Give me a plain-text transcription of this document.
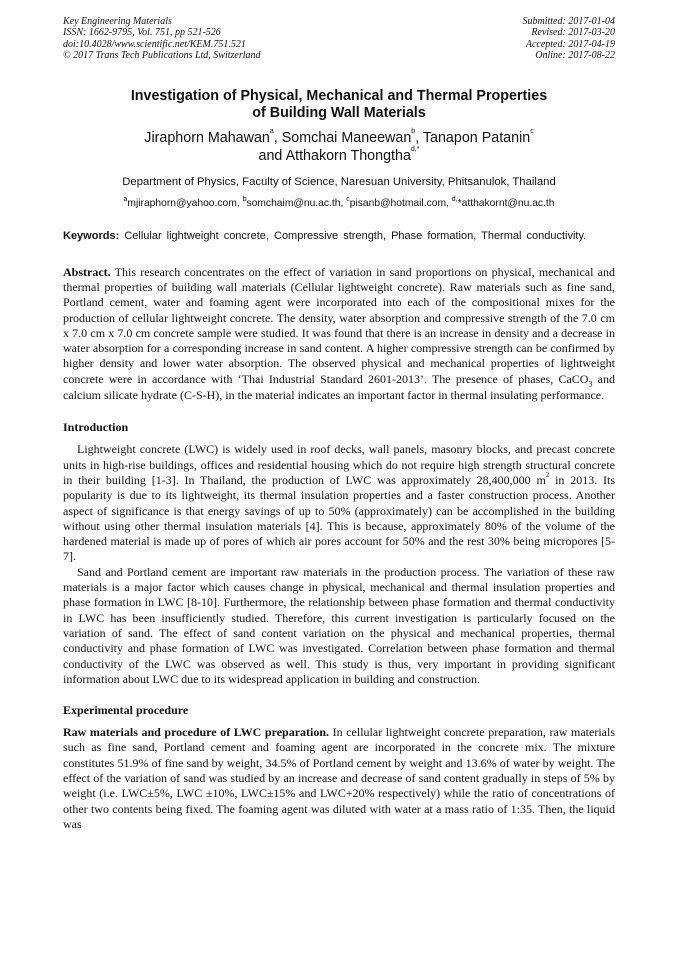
Key Engineering Materials
ISSN: 1662-9795, Vol. 751, pp 521-526
doi:10.4028/www.scientific.net/KEM.751.521
© 2017 Trans Tech Publications Ltd, Switzerland
Submitted: 2017-01-04
Revised: 2017-03-20
Accepted: 2017-04-19
Online: 2017-08-22
Investigation of Physical, Mechanical and Thermal Properties
of Building Wall Materials
Jiraphorn Mahawan$^a$, Somchai Maneewan$^b$, Tanapon Patanin$^c$
and Atthakorn Thongtha$^{d,*}$
Department of Physics, Faculty of Science, Naresuan University, Phitsanulok, Thailand
$^a$mjiraphorn@yahoo.com, $^b$somchaim@nu.ac.th, $^c$pisanb@hotmail.com, $^{d,}$*atthakornt@nu.ac.th
Keywords: Cellular lightweight concrete, Compressive strength, Phase formation, Thermal conductivity.

Abstract. This research concentrates on the effect of variation in sand proportions on physical, mechanical and thermal properties of building wall materials (Cellular lightweight concrete). Raw materials such as fine sand, Portland cement, water and foaming agent were incorporated into each of the compositional mixes for the production of cellular lightweight concrete. The density, water absorption and compressive strength of the 7.0 cm x 7.0 cm x 7.0 cm concrete sample were studied. It was found that there is an increase in density and a decrease in water absorption for a corresponding increase in sand content. A higher compressive strength can be confirmed by higher density and lower water absorption. The observed physical and mechanical properties of lightweight concrete were in accordance with ‘Thai Industrial Standard 2601-2013’. The presence of phases, CaCO$_3$ and calcium silicate hydrate (C-S-H), in the material indicates an important factor in thermal insulating performance.

Introduction

Lightweight concrete (LWC) is widely used in roof decks, wall panels, masonry blocks, and precast concrete units in high-rise buildings, offices and residential housing which do not require high strength structural concrete in their building [1-3]. In Thailand, the production of LWC was approximately 28,400,000 $m^2$ in 2013. Its popularity is due to its lightweight, its thermal insulation properties and a faster construction process. Another aspect of significance is that energy savings of up to 50% (approximately) can be accomplished in the building without using other thermal insulation materials [4]. This is because, approximately 80% of the volume of the hardened material is made up of pores of which air pores account for 50% and the rest 30% being micropores [5-7].

Sand and Portland cement are important raw materials in the production process. The variation of these raw materials is a major factor which causes change in physical, mechanical and thermal insulation properties and phase formation in LWC [8-10]. Furthermore, the relationship between phase formation and thermal conductivity in LWC has been insufficiently studied. Therefore, this current investigation is particularly focused on the variation of sand. The effect of sand content variation on the physical and mechanical properties, thermal conductivity and phase formation of LWC was investigated. Correlation between phase formation and thermal conductivity of the LWC was observed as well. This study is thus, very important in providing significant information about LWC due to its widespread application in building and construction.

Experimental procedure

Raw materials and procedure of LWC preparation. In cellular lightweight concrete preparation, raw materials such as fine sand, Portland cement and foaming agent are incorporated in the concrete mix. The mixture constitutes 51.9% of fine sand by weight, 34.5% of Portland cement by weight and 13.6% of water by weight. The effect of the variation of sand was studied by an increase and decrease of sand content gradually in steps of 5% by weight (i.e. LWC±5%, LWC ±10%, LWC±15% and LWC+20% respectively) while the ratio of concentrations of other two contents being fixed. The foaming agent was diluted with water at a mass ratio of 1:35. Then, the liquid was
